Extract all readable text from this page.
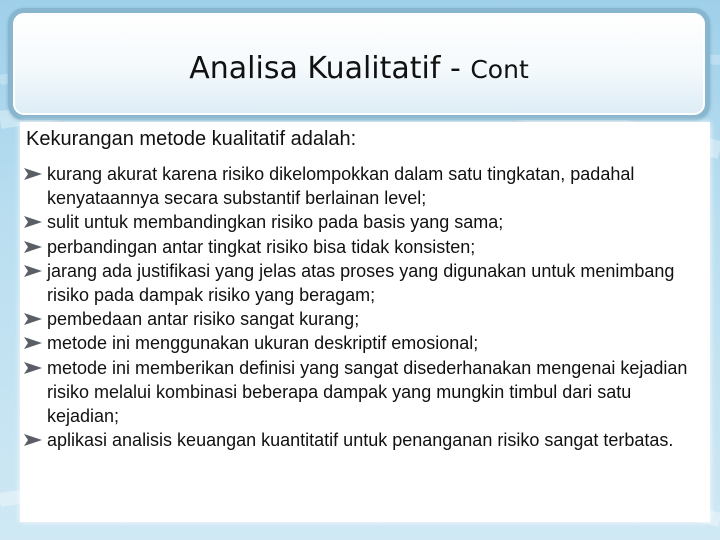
Analisa Kualitatif - Cont
Kekurangan metode kualitatif adalah:
kurang akurat karena risiko dikelompokkan dalam satu tingkatan, padahal kenyataannya secara substantif berlainan level;
sulit untuk membandingkan risiko pada basis yang sama;
perbandingan antar tingkat risiko bisa tidak konsisten;
jarang ada justifikasi yang jelas atas proses yang digunakan untuk menimbang risiko pada dampak risiko yang beragam;
pembedaan antar risiko sangat kurang;
metode ini menggunakan ukuran deskriptif emosional;
metode ini memberikan definisi yang sangat disederhanakan mengenai kejadian risiko melalui kombinasi beberapa dampak yang mungkin timbul dari satu kejadian;
aplikasi analisis keuangan kuantitatif untuk penanganan risiko sangat terbatas.
